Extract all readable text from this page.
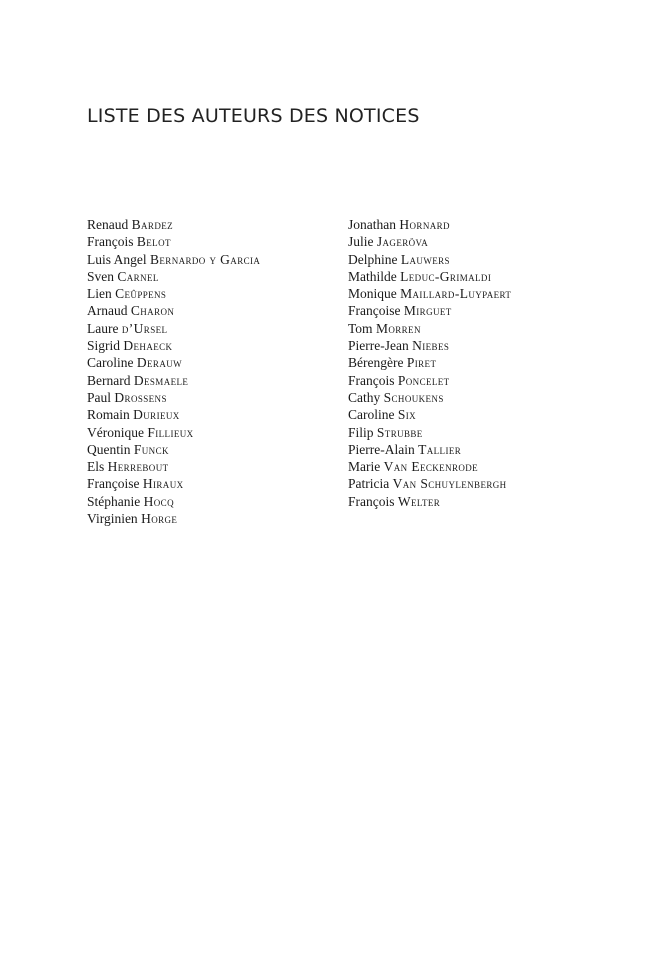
LISTE DES AUTEURS DES NOTICES
Renaud Bardez
François Belot
Luis Angel Bernardo y Garcia
Sven Carnel
Lien Ceûppens
Arnaud Charon
Laure d’Ursel
Sigrid Dehaeck
Caroline Derauw
Bernard Desmaele
Paul Drossens
Romain Durieux
Véronique Fillieux
Quentin Funck
Els Herrebout
Françoise Hiraux
Stéphanie Hocq
Virginien Horge
Jonathan Hornard
Julie Jageröva
Delphine Lauwers
Mathilde Leduc-Grimaldi
Monique Maillard-Luypaert
Françoise Mirguet
Tom Morren
Pierre-Jean Niebes
Bérengère Piret
François Poncelet
Cathy Schoukens
Caroline Six
Filip Strubbe
Pierre-Alain Tallier
Marie Van Eeckenrode
Patricia Van Schuylenbergh
François Welter
